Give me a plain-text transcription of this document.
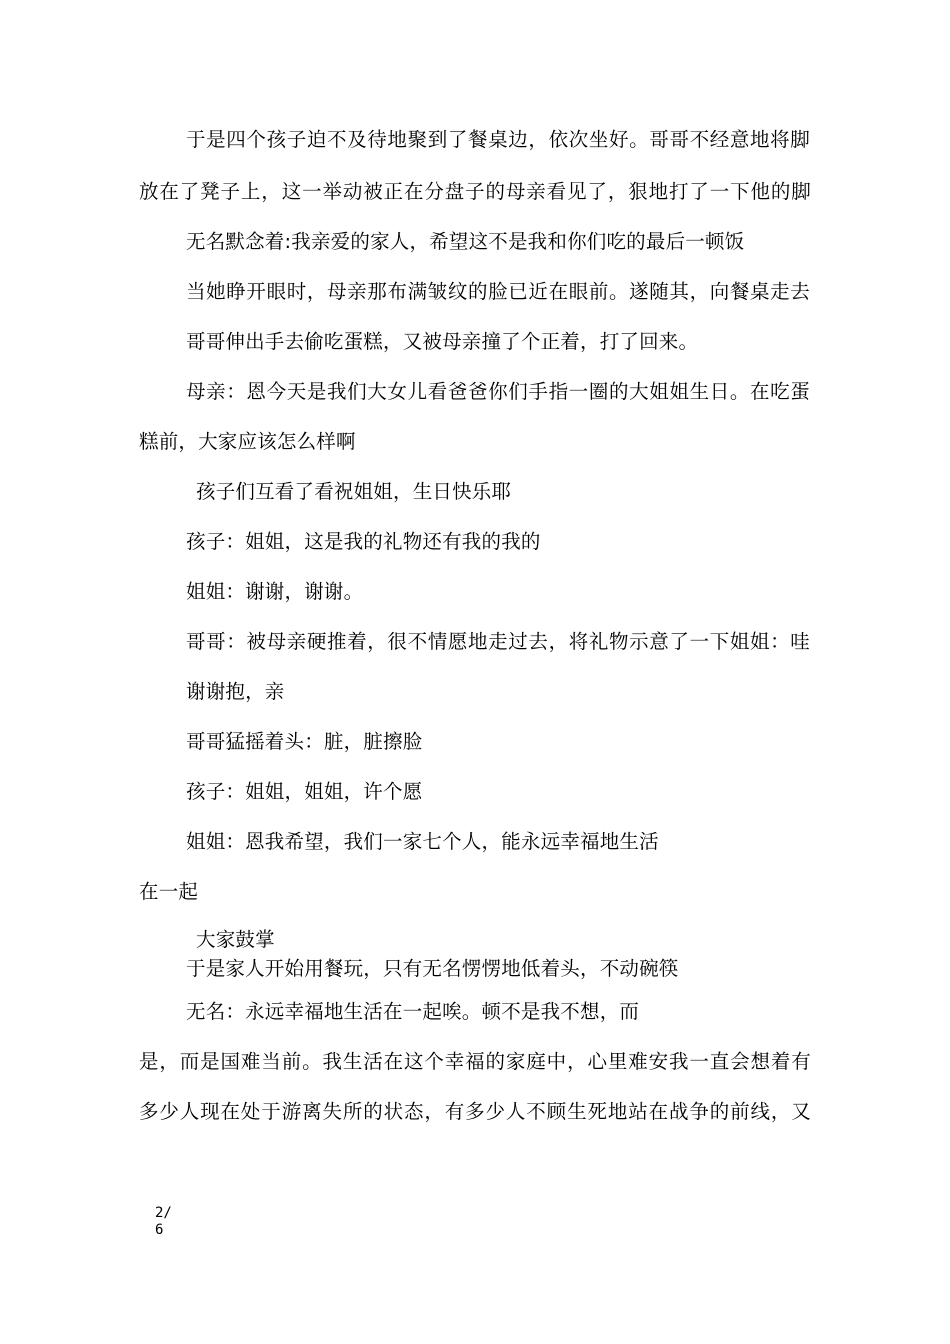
于是四个孩子迫不及待地聚到了餐桌边，依次坐好。哥哥不经意地将脚
放在了凳子上，这一举动被正在分盘子的母亲看见了，狠地打了一下他的脚
无名默念着:我亲爱的家人，希望这不是我和你们吃的最后一顿饭
当她睁开眼时，母亲那布满皱纹的脸已近在眼前。遂随其，向餐桌走去
哥哥伸出手去偷吃蛋糕，又被母亲撞了个正着，打了回来。
母亲：恩今天是我们大女儿看爸爸你们手指一圈的大姐姐生日。在吃蛋
糕前，大家应该怎么样啊
孩子们互看了看祝姐姐，生日快乐耶
孩子：姐姐，这是我的礼物还有我的我的
姐姐：谢谢，谢谢。
哥哥：被母亲硬推着，很不情愿地走过去，将礼物示意了一下姐姐：哇
谢谢抱，亲
哥哥猛摇着头：脏，脏擦脸
孩子：姐姐，姐姐，许个愿
姐姐：恩我希望，我们一家七个人，能永远幸福地生活
在一起
大家鼓掌
于是家人开始用餐玩，只有无名愣愣地低着头，不动碗筷
无名：永远幸福地生活在一起唉。顿不是我不想，而
是，而是国难当前。我生活在这个幸福的家庭中，心里难安我一直会想着有
多少人现在处于游离失所的状态，有多少人不顾生死地站在战争的前线，又
2/6
